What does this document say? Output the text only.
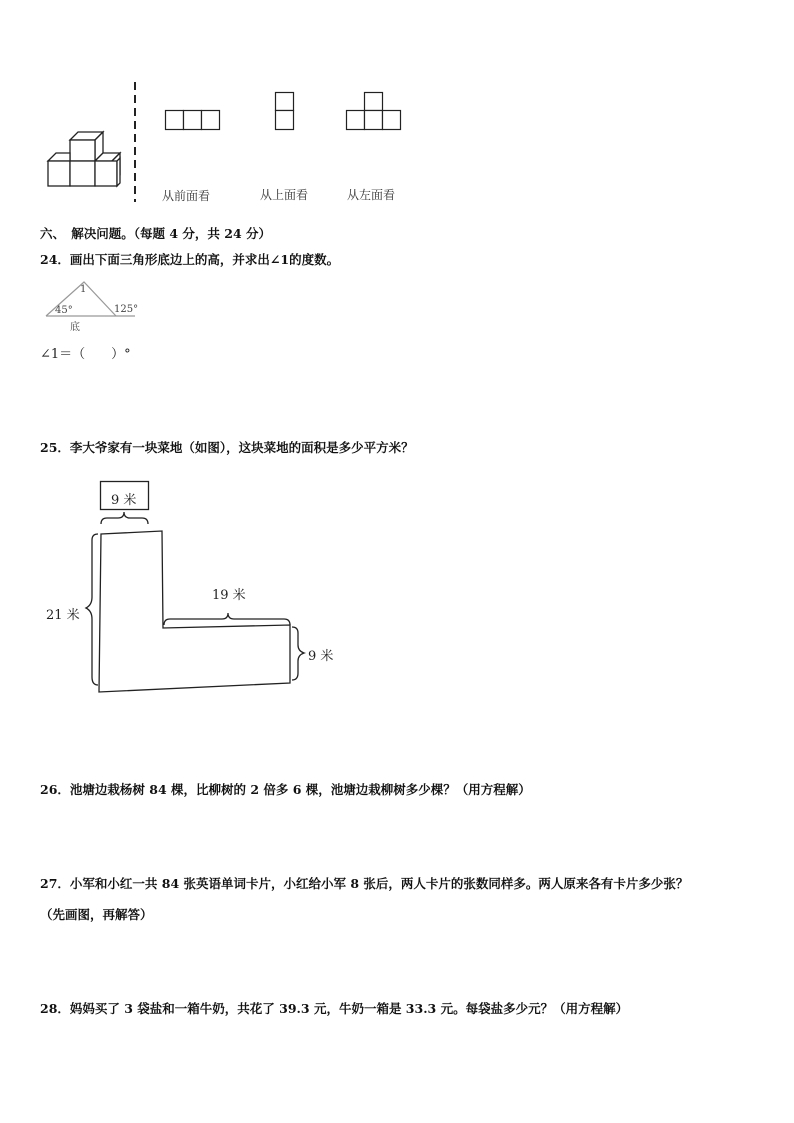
从前面看	从上面看	从左面看
六、　解决问题。（每题 4 分，共 24 分）
24．画出下面三角形底边上的高，并求出∠1的度数。
1
45°	125°
底
∠1＝（　　）°
25．李大爷家有一块菜地（如图），这块菜地的面积是多少平方米？
9 米
21 米
19 米
9 米
26．池塘边栽杨树 84 棵，比柳树的 2 倍多 6 棵，池塘边栽柳树多少棵？（用方程解）
27．小军和小红一共 84 张英语单词卡片，小红给小军 8 张后，两人卡片的张数同样多。两人原来各有卡片多少张？
（先画图，再解答）
28．妈妈买了 3 袋盐和一箱牛奶，共花了 39.3 元，牛奶一箱是 33.3 元。每袋盐多少元？（用方程解）
